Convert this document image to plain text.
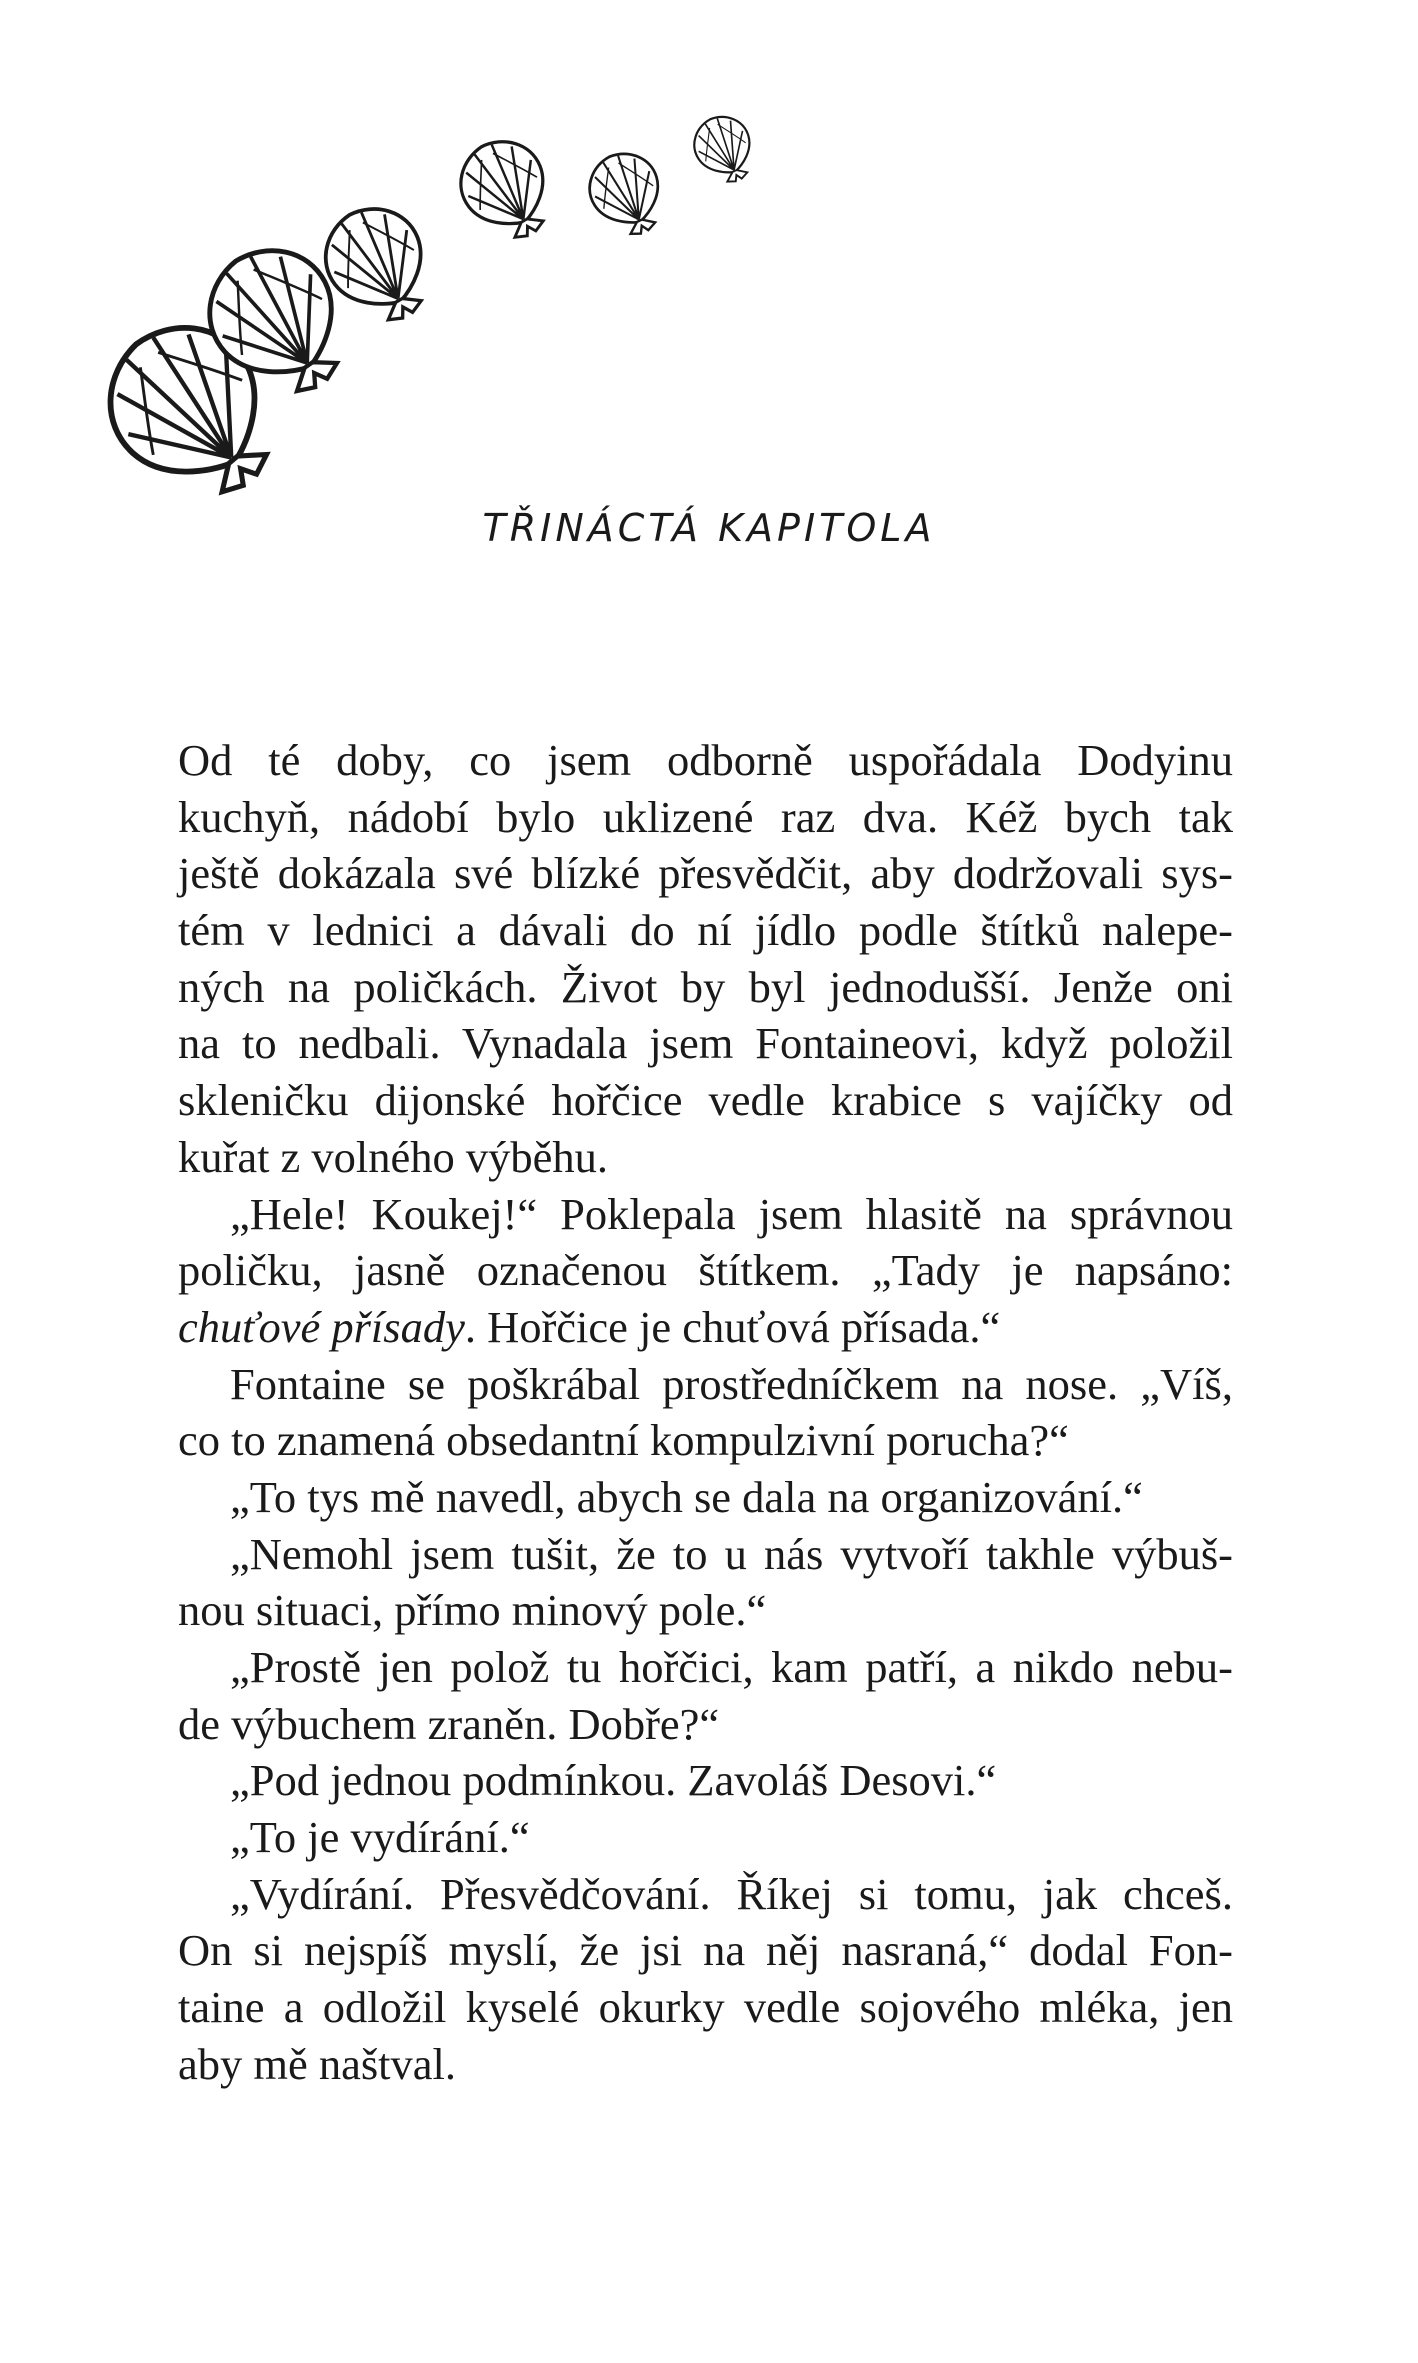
TŘINÁCTÁ KAPITOLA

Od té doby, co jsem odborně uspořádala Dodyinu
kuchyň, nádobí bylo uklizené raz dva. Kéž bych tak
ještě dokázala své blízké přesvědčit, aby dodržovali sys-
tém v lednici a dávali do ní jídlo podle štítků nalepe-
ných na poličkách. Život by byl jednodušší. Jenže oni
na to nedbali. Vynadala jsem Fontaineovi, když položil
skleničku dijonské hořčice vedle krabice s vajíčky od
kuřat z volného výběhu.

„Hele! Koukej!“ Poklepala jsem hlasitě na správnou
poličku, jasně označenou štítkem. „Tady je napsáno:
chuťové přísady. Hořčice je chuťová přísada.“

Fontaine se poškrábal prostředníčkem na nose. „Víš,
co to znamená obsedantní kompulzivní porucha?“

„To tys mě navedl, abych se dala na organizování.“

„Nemohl jsem tušit, že to u nás vytvoří takhle výbuš-
nou situaci, přímo minový pole.“

„Prostě jen polož tu hořčici, kam patří, a nikdo nebu-
de výbuchem zraněn. Dobře?“

„Pod jednou podmínkou. Zavoláš Desovi.“

„To je vydírání.“

„Vydírání. Přesvědčování. Říkej si tomu, jak chceš.
On si nejspíš myslí, že jsi na něj nasraná,“ dodal Fon-
taine a odložil kyselé okurky vedle sojového mléka, jen
aby mě naštval.
